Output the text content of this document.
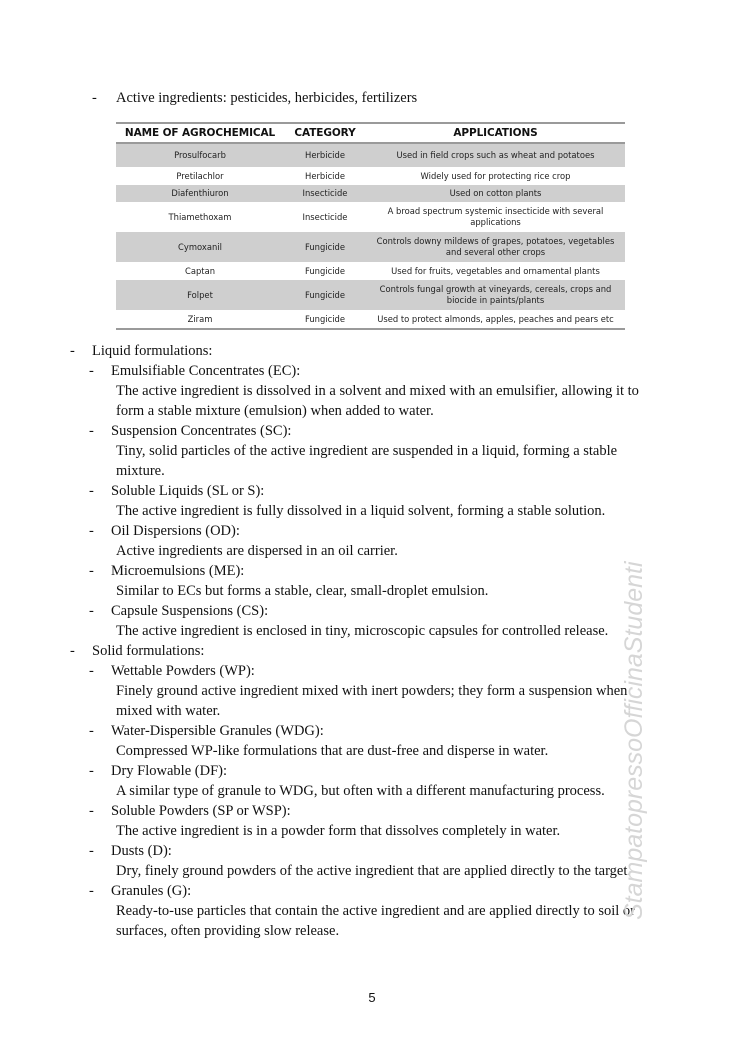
- Active ingredients: pesticides, herbicides, fertilizers
NAME OF AGROCHEMICAL	CATEGORY	APPLICATIONS
Prosulfocarb	Herbicide	Used in field crops such as wheat and potatoes
Pretilachlor	Herbicide	Widely used for protecting rice crop
Diafenthiuron	Insecticide	Used on cotton plants
Thiamethoxam	Insecticide	A broad spectrum systemic insecticide with several applications
Cymoxanil	Fungicide	Controls downy mildews of grapes, potatoes, vegetables and several other crops
Captan	Fungicide	Used for fruits, vegetables and ornamental plants
Folpet	Fungicide	Controls fungal growth at vineyards, cereals, crops and biocide in paints/plants
Ziram	Fungicide	Used to protect almonds, apples, peaches and pears etc
- Liquid formulations:
- Emulsifiable Concentrates (EC):
The active ingredient is dissolved in a solvent and mixed with an emulsifier, allowing it to form a stable mixture (emulsion) when added to water.
- Suspension Concentrates (SC):
Tiny, solid particles of the active ingredient are suspended in a liquid, forming a stable mixture.
- Soluble Liquids (SL or S):
The active ingredient is fully dissolved in a liquid solvent, forming a stable solution.
- Oil Dispersions (OD):
Active ingredients are dispersed in an oil carrier.
- Microemulsions (ME):
Similar to ECs but forms a stable, clear, small-droplet emulsion.
- Capsule Suspensions (CS):
The active ingredient is enclosed in tiny, microscopic capsules for controlled release.
- Solid formulations:
- Wettable Powders (WP):
Finely ground active ingredient mixed with inert powders; they form a suspension when mixed with water.
- Water-Dispersible Granules (WDG):
Compressed WP-like formulations that are dust-free and disperse in water.
- Dry Flowable (DF):
A similar type of granule to WDG, but often with a different manufacturing process.
- Soluble Powders (SP or WSP):
The active ingredient is in a powder form that dissolves completely in water.
- Dusts (D):
Dry, finely ground powders of the active ingredient that are applied directly to the target.
- Granules (G):
Ready-to-use particles that contain the active ingredient and are applied directly to soil or surfaces, often providing slow release.
StampatopressoOfficinaStudenti
5
